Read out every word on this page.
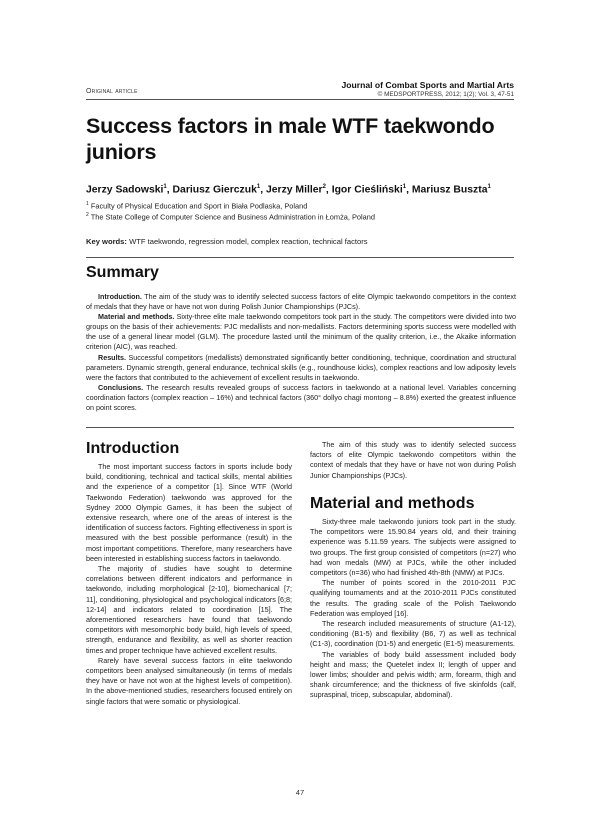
Original article
Journal of Combat Sports and Martial Arts
© MEDSPORTPRESS, 2012; 1(2); Vol. 3, 47-51
Success factors in male WTF taekwondo juniors
Jerzy Sadowski$^1$, Dariusz Gierczuk$^1$, Jerzy Miller$^2$, Igor Cieśliński$^1$, Mariusz Buszta$^1$
$^1$ Faculty of Physical Education and Sport in Biała Podlaska, Poland
$^2$ The State College of Computer Science and Business Administration in Łomża, Poland
Key words: WTF taekwondo, regression model, complex reaction, technical factors
Summary

Introduction. The aim of the study was to identify selected success factors of elite Olympic taekwondo competitors in the context of medals that they have or have not won during Polish Junior Championships (PJCs).

Material and methods. Sixty-three elite male taekwondo competitors took part in the study. The competitors were divided into two groups on the basis of their achievements: PJC medallists and non-medallists. Factors determining sports success were modelled with the use of a general linear model (GLM). The procedure lasted until the minimum of the quality criterion, i.e., the Akaike information criterion (AIC), was reached.

Results. Successful competitors (medallists) demonstrated significantly better conditioning, technique, coordination and structural parameters. Dynamic strength, general endurance, technical skills (e.g., roundhouse kicks), complex reactions and low adiposity levels were the factors that contributed to the achievement of excellent results in taekwondo.

Conclusions. The research results revealed groups of success factors in taekwondo at a national level. Variables concerning coordination factors (complex reaction – 16%) and technical factors (360° dollyo chagi montong – 8.8%) exerted the greatest influence on point scores.

Introduction

The most important success factors in sports include body build, conditioning, technical and tactical skills, mental abilities and the experience of a competitor [1]. Since WTF (World Taekwondo Federation) taekwondo was approved for the Sydney 2000 Olympic Games, it has been the subject of extensive research, where one of the areas of interest is the identification of success factors. Fighting effectiveness in sport is measured with the best possible performance (result) in the most important competitions. Therefore, many researchers have been interested in establishing success factors in taekwondo.

The majority of studies have sought to determine correlations between different indicators and performance in taekwondo, including morphological [2-10], biomechanical [7; 11], conditioning, physiological and psychological indicators [6;8; 12-14] and indicators related to coordination [15]. The aforementioned researchers have found that taekwondo competitors with mesomorphic body build, high levels of speed, strength, endurance and flexibility, as well as shorter reaction times and proper technique have achieved excellent results.

Rarely have several success factors in elite taekwondo competitors been analysed simultaneously (in terms of medals they have or have not won at the highest levels of competition). In the above-mentioned studies, researchers focused entirely on single factors that were somatic or physiological.

The aim of this study was to identify selected success factors of elite Olympic taekwondo competitors within the context of medals that they have or have not won during Polish Junior Championships (PJCs).

Material and methods

Sixty-three male taekwondo juniors took part in the study. The competitors were 15.90.84 years old, and their training experience was 5.11.59 years. The subjects were assigned to two groups. The first group consisted of competitors (n=27) who had won medals (MW) at PJCs, while the other included competitors (n=36) who had finished 4th-8th (NMW) at PJCs.

The number of points scored in the 2010-2011 PJC qualifying tournaments and at the 2010-2011 PJCs constituted the results. The grading scale of the Polish Taekwondo Federation was employed [16].

The research included measurements of structure (A1-12), conditioning (B1-5) and flexibility (B6, 7) as well as technical (C1-3), coordination (D1-5) and energetic (E1-5) measurements.

The variables of body build assessment included body height and mass; the Quetelet index II; length of upper and lower limbs; shoulder and pelvis width; arm, forearm, thigh and shank circumference; and the thickness of five skinfolds (calf, supraspinal, tricep, subscapular, abdominal).

47
